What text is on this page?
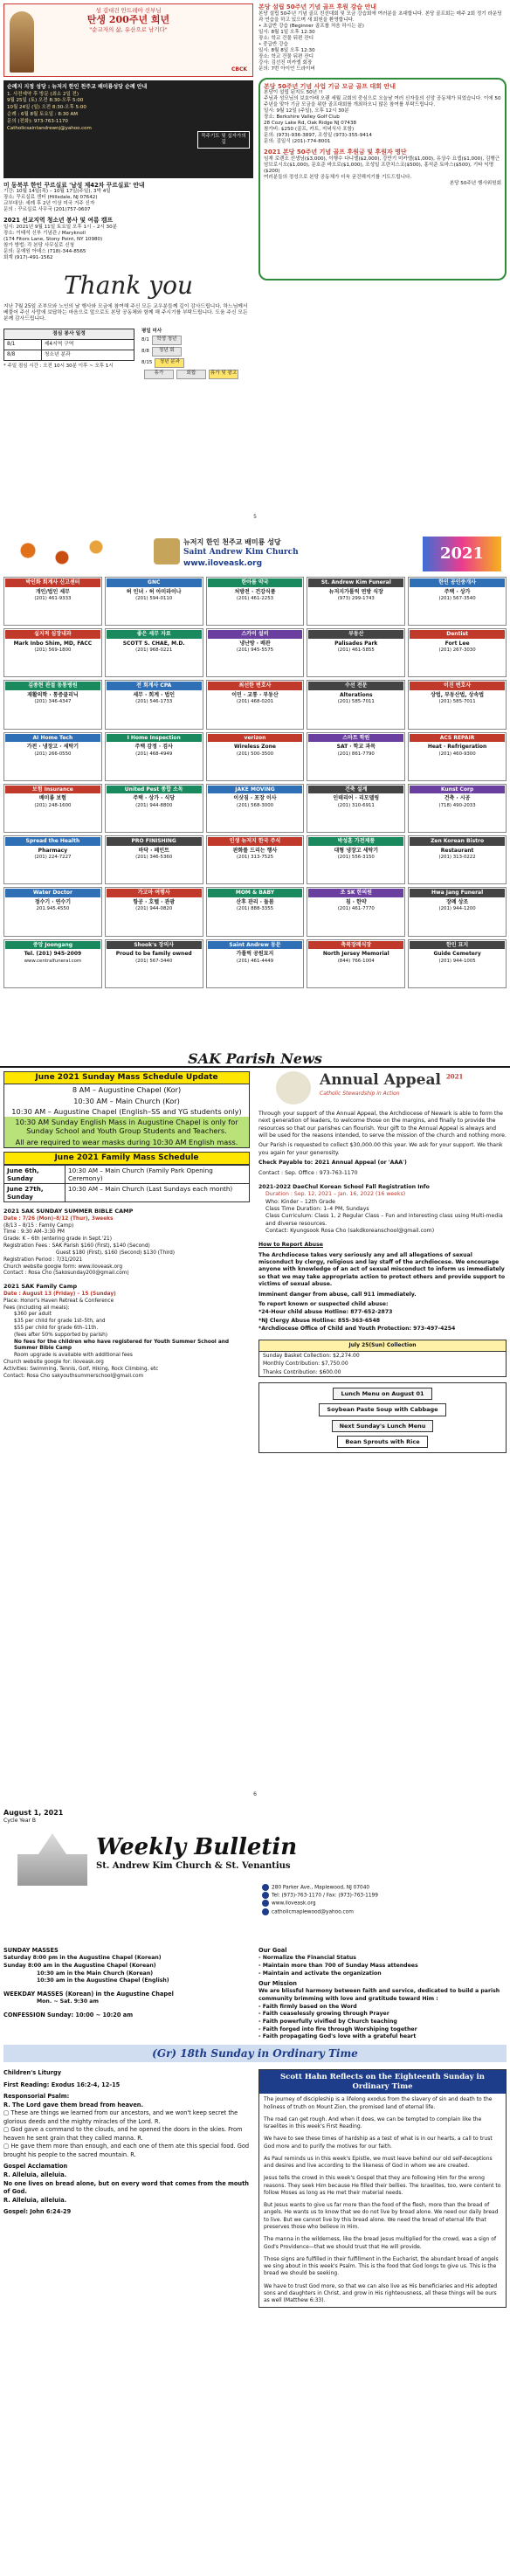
성 김대건 안드레아 신부님
탄생 200주년 희년
"순교자의 삶, 유산으로 남기다"
CBCK
순례지 지정 성당 : 뉴저지 한인 천주교 배미룡성당 순례 안내
1. 사전예약 후 방문 (최소 2일 전)
9월 25일 (토) 오전 8:30-오후 5:00
10월 24일 (일) 오전 8:30-오후 5:00
순례 : 6월 8월 토요일 : 8:30 AM
문의 (전화): 973-763-1170
Catholicsaintandrewnj@yahoo.com
묵주기도 및 십자가의 길
미 동북부 한인 꾸르실료 '남성 제42차 꾸르실료' 안내
기간: 10월 14일(목) – 10월 17일(주일), 3박 4일
장소: 꾸르실료 센터 (Hillsdale, NJ 07642)
교부대상: 세례 후 2년 이상 미국 거주 신자
문의 : 꾸르실료 사무국 (201)757-0607
2021 선교지역 청소년 봉사 및 여름 캠프
일시: 2021년 9월 11일 토요일 오후 1시 – 2시 30분
장소: 이태석 신부 기념관 / Maryknoll
(174 Fitors Lane, Stony Point, NY 10980)
참가 방법: 각 본당 사무실로 신청
문의: 문예원 아녜스 (718)-344-8565
회계 (917)-491-1562
Thank you
지난 7월 25일 조부모와 노인의 날 행사와 모금에 참여해 주신 모든 교우분들께 깊이 감사드립니다. 하느님께서 베풀어 주신 사랑에 보답하는 마음으로 앞으로도 본당 공동체와 함께 해 주시기를 부탁드립니다. 도움 주신 모든 분께 감사드립니다.
점심 봉사 일정	
8/1	제4지역 구역
8/8	청소년 분과
* 주일 점심 시간 : 오전 10시 30분 이후 ~ 오후 1시
평일 미사
8/1	학생 청년
8/8	청년 회
8/15	청년 분과
휴가	회합	휴가 및 광고
본당 설립 50주년 기념 골프 후원 강습 안내
본당 설립 50주년 기념 골프 친선대회 및 모금 강습회에 여러분을 초대합니다. 본당 골프회는 매주 2회 정기 라운딩과 연습을 하고 있으며 새 회원을 환영합니다.
• 초급반 강습 (Beginner 골프를 처음 하시는 분)
일시: 8월 1일 오후 12:30
장소: 학교 건물 뒤편 잔디
• 중급반 강습
일시: 8월 8일 오후 12:30
장소: 학교 건물 뒤편 잔디
강사: 김선진 미카엘 회장
문의: 7번 아이언 드라이버
본당 50주년 기념 사업 기금 모금 골프 대회 안내
본당이 설립 된지도 50년 !!
주님과 성모님의 보호아래 오랜 세월 교회의 중심으로 오늘날 여러 신자들의 신앙 공동체가 되었습니다. 이에 50주년을 맞아 기금 모금을 위한 골프대회를 개최하오니 많은 참여를 부탁드립니다.
일시: 9월 12일 (주일), 오후 12시 30분
장소: Berkshire Valley Golf Club
28 Cozy Lake Rd, Oak Ridge NJ 07438
참가비: $250 (골프, 카트, 저녁식사 포함)
문의: (973)-936-3897, 조성일 (973)-355-9414
문의: 김일식 (201)-774-8001
2021 본당 50주년 기념 골프 후원금 및 후원자 명단
임재 로렌조 선생님($3,000), 이행수 다니엘($2,000), 강만기 미카엘($1,000), 유상수 요셉($1,000), 김행근 암브로시오($1,000), 문호준 바오로($1,000), 조성일 프란치스코($500), 홍석준 토마스($500), 기타 익명($200)
여러분들의 정성으로 본당 공동체가 더욱 굳건해지기를 기도드립니다.
본당 50주년 행사위원회
5
뉴저지 한인 천주교 배미룡 성당
Saint Andrew Kim Church
www.iloveask.org
2021
박인화 회계사 신고센터
개인/법인 세무
(201) 461-9333
GNC
허 인녀 · 허 아미라이나
(201) 594-0110
한아름 약국
처방전 · 건강식품
(201) 461-2253
St. Andrew Kim Funeral
뉴저지가톨릭 연방 식장
(973) 299-1743
한인 공인중개사
주택 · 상가
(201) 567-3540
실지적 심장내과
Mark Inbo Shim, MD, FACC
(201) 569-1800
좋은 세무 자료
SCOTT S. CHAE, M.D.
(201) 968-0221
스카이 설비
냉난방 · 배관
(201) 945-5575
부동산
Palisades Park
(201) 461-5855
Dentist
Fort Lee
(201) 267-3030
김종현 관절 동통병원
재활의학 · 통증클리닉
(201) 346-4347
전 회계사 CPA
세무 · 회계 · 법인
(201) 546-1733
최선한 변호사
이민 · 교통 · 부동산
(201) 468-0201
수선 전문
Alterations
(201) 585-7011
이진 변호사
상법, 부동산법, 상속법
(201) 585-7011
AI Home Tech
가전 · 냉장고 · 세탁기
(201) 266-0550
I Home Inspection
주택 감정 · 검사
(201) 468-4949
verizon
Wireless Zone
(201) 500-3500
스마트 학원
SAT · 학교 과목
(201) 861-7790
ACS REPAIR
Heat · Refrigeration
(201) 460-9300
보험 Insurance
배미룡 보험
(201) 248-1600
United Pest 종합 소독
주택 · 상가 · 식당
(201) 944-8800
JAKE MOVING
이삿짐 · 포장 이사
(201) 568-3000
건축 설계
인테리어 · 리모델링
(201) 310-6911
Kunst Corp
건축 · 시공
(718) 490-2033
Spread the Health
Pharmacy
(201) 224-7227
PRO FINISHING
바닥 · 페인트
(201) 346-5360
인생 뉴저지 한국 주식
판화를 드리는 행사
(201) 313-7525
박성훈 가전제품
대형 냉장고 세탁기
(201) 556-3150
Zen Korean Bistro
Restaurant
(201) 313-0222
Water Doctor
정수기 · 연수기
201.945.4550
가고마 여행사
항공 · 호텔 · 관광
(201) 944-0820
MOM & BABY
산후 관리 · 돌봄
(201) 888-3355
조 SK 한의원
침 · 한약
(201) 461-7770
Hwa Jang Funeral
장례 상조
(201) 944-1200
중앙 Joongang
Tel. (201) 945-2009
www.centralfuneral.com
Shook's 장의사
Proud to be family owned
(201) 567-3440
Saint Andrew 동문
가톨릭 공원묘지
(201) 461-4449
축복장례식장
North Jersey Memorial
(844) 766-1004
한인 묘지
Guide Cemetery
(201) 944-1005
SAK Parish News
June 2021 Sunday Mass Schedule Update
8 AM – Augustine Chapel (Kor)
10:30 AM – Main Church (Kor)
10:30 AM – Augustine Chapel (English–SS and YG students only)
10:30 AM Sunday English Mass in Augustine Chapel is only for Sunday School and Youth Group Students and Teachers.
All are required to wear masks during 10:30 AM English mass.
June 2021 Family Mass Schedule
June 6th, Sunday
10:30 AM – Main Church (Family Park Opening Ceremony)
June 27th, Sunday
10:30 AM – Main Church (Last Sundays each month)
2021 SAK SUNDAY SUMMER BIBLE CAMP
Date : 7/26 (Mon)–8/12 (Thur), 3weeks
(8/13 – 8/15 : Family Camp)
Time : 9:30 AM–3:30 PM
Grade: K – 6th (entering grade in Sept.'21)
Registration Fees : SAK Parish $160 (First), $140 (Second)
Guest $180 (First), $160 (Second) $130 (Third)
Registration Period : 7/31/2021
Church website google form: www.iloveask.org
Contact : Rosa Cho (Sakosunday200@gmail.com)
2021 SAK Family Camp
Date : August 13 (Friday) – 15 (Sunday)
Place: Honor's Haven Retreat & Conference
Fees (including all meals):
$360 per adult
$35 per child for grade 1st–5th, and
$55 per child for grade 6th–11th.
(fees after 50% supported by parish)
No fees for the children who have registered for Youth Summer School and Summer Bible Camp
Room upgrade is available with additional fees
Church website google for: iloveask.org
Activities: Swimming, Tennis, Golf, Hiking, Rock Climbing, etc
Contact: Rosa Cho sakyouthsummerschool@gmail.com
Annual Appeal $^{2021}$
Catholic Stewardship in Action

Through your support of the Annual Appeal, the Archdiocese of Newark is able to form the next generation of leaders, to welcome those on the margins, and finally to provide the resources so that our parishes can flourish. Your gift to the Annual Appeal is always and will be used for the reasons intended, to serve the mission of the church and nothing more.

Our Parish is requested to collect $30,000.00 this year. We ask for your support. We thank you again for your generosity.

Check Payable to: 2021 Annual Appeal (or 'AAA')

Contact : Sep. Office : 973-763-1170

2021-2022 DaeChul Korean School Fall Registration Info

Duration : Sep. 12, 2021 – Jan. 16, 2022 (16 weeks)
Who: Kinder – 12th Grade
Class Time Duration: 1–4 PM, Sundays
Class Curriculum: Class 1, 2 Regular Class – Fun and interesting class using Multi-media and diverse resources.
Contact: Kyungsook Rosa Cho (sakdkoreanschool@gmail.com)

How to Report Abuse

The Archdiocese takes very seriously any and all allegations of sexual misconduct by clergy, religious and lay staff of the archdiocese. We encourage anyone with knowledge of an act of sexual misconduct to inform us immediately so that we may take appropriate action to protect others and provide support to victims of sexual abuse.

Imminent danger from abuse, call 911 immediately.

To report known or suspected child abuse:

*24-Hour child abuse Hotline: 877-652-2873

*NJ Clergy Abuse Hotline: 855-363-6548

*Archdiocese Office of Child and Youth Protection: 973-497-4254

July 25(Sun) Collection
Sunday Basket Collection: $2,274.00
Monthly Contribution: $7,750.00
Thanks Contribution: $600.00
Lunch Menu on August 01
Soybean Paste Soup with Cabbage
Next Sunday's Lunch Menu
Bean Sprouts with Rice
6
August 1, 2021
Cycle Year B
Weekly Bulletin
St. Andrew Kim Church & St. Venantius
280 Parker Ave., Maplewood, NJ 07040
Tel: (973)-763-1170 / Fax: (973)-763-1199
www.iloveask.org
catholicmaplewood@yahoo.com
SUNDAY MASSES
Saturday 8:00 pm in the Augustine Chapel (Korean)
Sunday 8:00 am in the Augustine Chapel (Korean)
10:30 am in the Main Church (Korean)
10:30 am in the Augustine Chapel (English)
WEEKDAY MASSES (Korean) in the Augustine Chapel
Mon. ~ Sat. 9:30 am
CONFESSION Sunday: 10:00 ~ 10:20 am
Our Goal
- Normalize the Financial Status
- Maintain more than 700 of Sunday Mass attendees
- Maintain and activate the organization
Our Mission
We are blissful harmony between faith and service, dedicated to build a parish community brimming with love and gratitude toward Him :
- Faith firmly based on the Word
- Faith ceaselessly growing through Prayer
- Faith powerfully vivified by Church teaching
- Faith forged into fire through Worshiping together
- Faith propagating God's love with a grateful heart
(Gr) 18th Sunday in Ordinary Time
Children's Liturgy
First Reading: Exodus 16:2-4, 12-15
Responsorial Psalm:
R. The Lord gave them bread from heaven.
▢ These are things we learned from our ancestors, and we won't keep secret the glorious deeds and the mighty miracles of the Lord. R.
▢ God gave a command to the clouds, and he opened the doors in the skies. From heaven he sent grain that they called manna. R.
▢ He gave them more than enough, and each one of them ate this special food. God brought his people to the sacred mountain. R.
Gospel Acclamation
R. Alleluia, alleluia.
No one lives on bread alone, but on every word that comes from the mouth of God.
R. Alleluia, alleluia.
Gospel: John 6:24-29
Scott Hahn Reflects on the Eighteenth Sunday in Ordinary Time

The journey of discipleship is a lifelong exodus from the slavery of sin and death to the holiness of truth on Mount Zion, the promised land of eternal life.

The road can get rough. And when it does, we can be tempted to complain like the Israelites in this week's First Reading.

We have to see these times of hardship as a test of what is in our hearts, a call to trust God more and to purify the motives for our faith.

As Paul reminds us in this week's Epistle, we must leave behind our old self-deceptions and desires and live according to the likeness of God in whom we are created.

Jesus tells the crowd in this week's Gospel that they are following Him for the wrong reasons. They seek Him because He filled their bellies. The Israelites, too, were content to follow Moses as long as He met their material needs.

But Jesus wants to give us far more than the food of the flesh, more than the bread of angels. He wants us to know that we do not live by bread alone. We need our daily bread to live. But we cannot live by this bread alone. We need the bread of eternal life that preserves those who believe in Him.

The manna in the wilderness, like the bread Jesus multiplied for the crowd, was a sign of God's Providence—that we should trust that He will provide.

Those signs are fulfilled in their fulfillment in the Eucharist, the abundant bread of angels we sing about in this week's Psalm. This is the food that God longs to give us. This is the bread we should be seeking.

We have to trust God more, so that we can also live as His beneficiaries and His adopted sons and daughters in Christ, and grow in His righteousness, all these things will be ours as well (Matthew 6:33).
